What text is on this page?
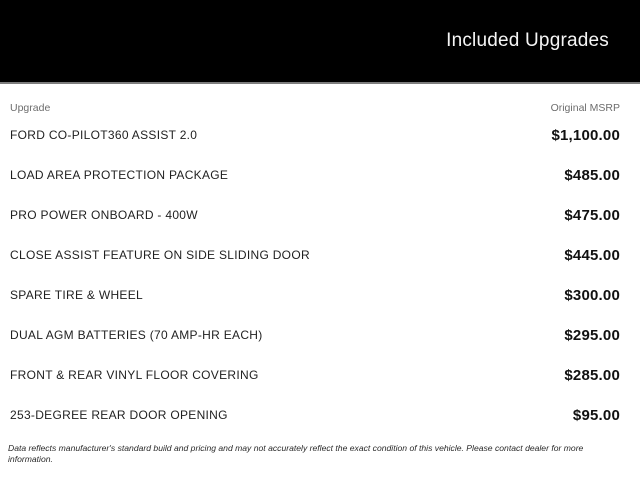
Included Upgrades
Upgrade	Original MSRP
FORD CO-PILOT360 ASSIST 2.0	$1,100.00
LOAD AREA PROTECTION PACKAGE	$485.00
PRO POWER ONBOARD - 400W	$475.00
CLOSE ASSIST FEATURE ON SIDE SLIDING DOOR	$445.00
SPARE TIRE & WHEEL	$300.00
DUAL AGM BATTERIES (70 AMP-HR EACH)	$295.00
FRONT & REAR VINYL FLOOR COVERING	$285.00
253-DEGREE REAR DOOR OPENING	$95.00
Data reflects manufacturer's standard build and pricing and may not accurately reflect the exact condition of this vehicle. Please contact dealer for more information.
